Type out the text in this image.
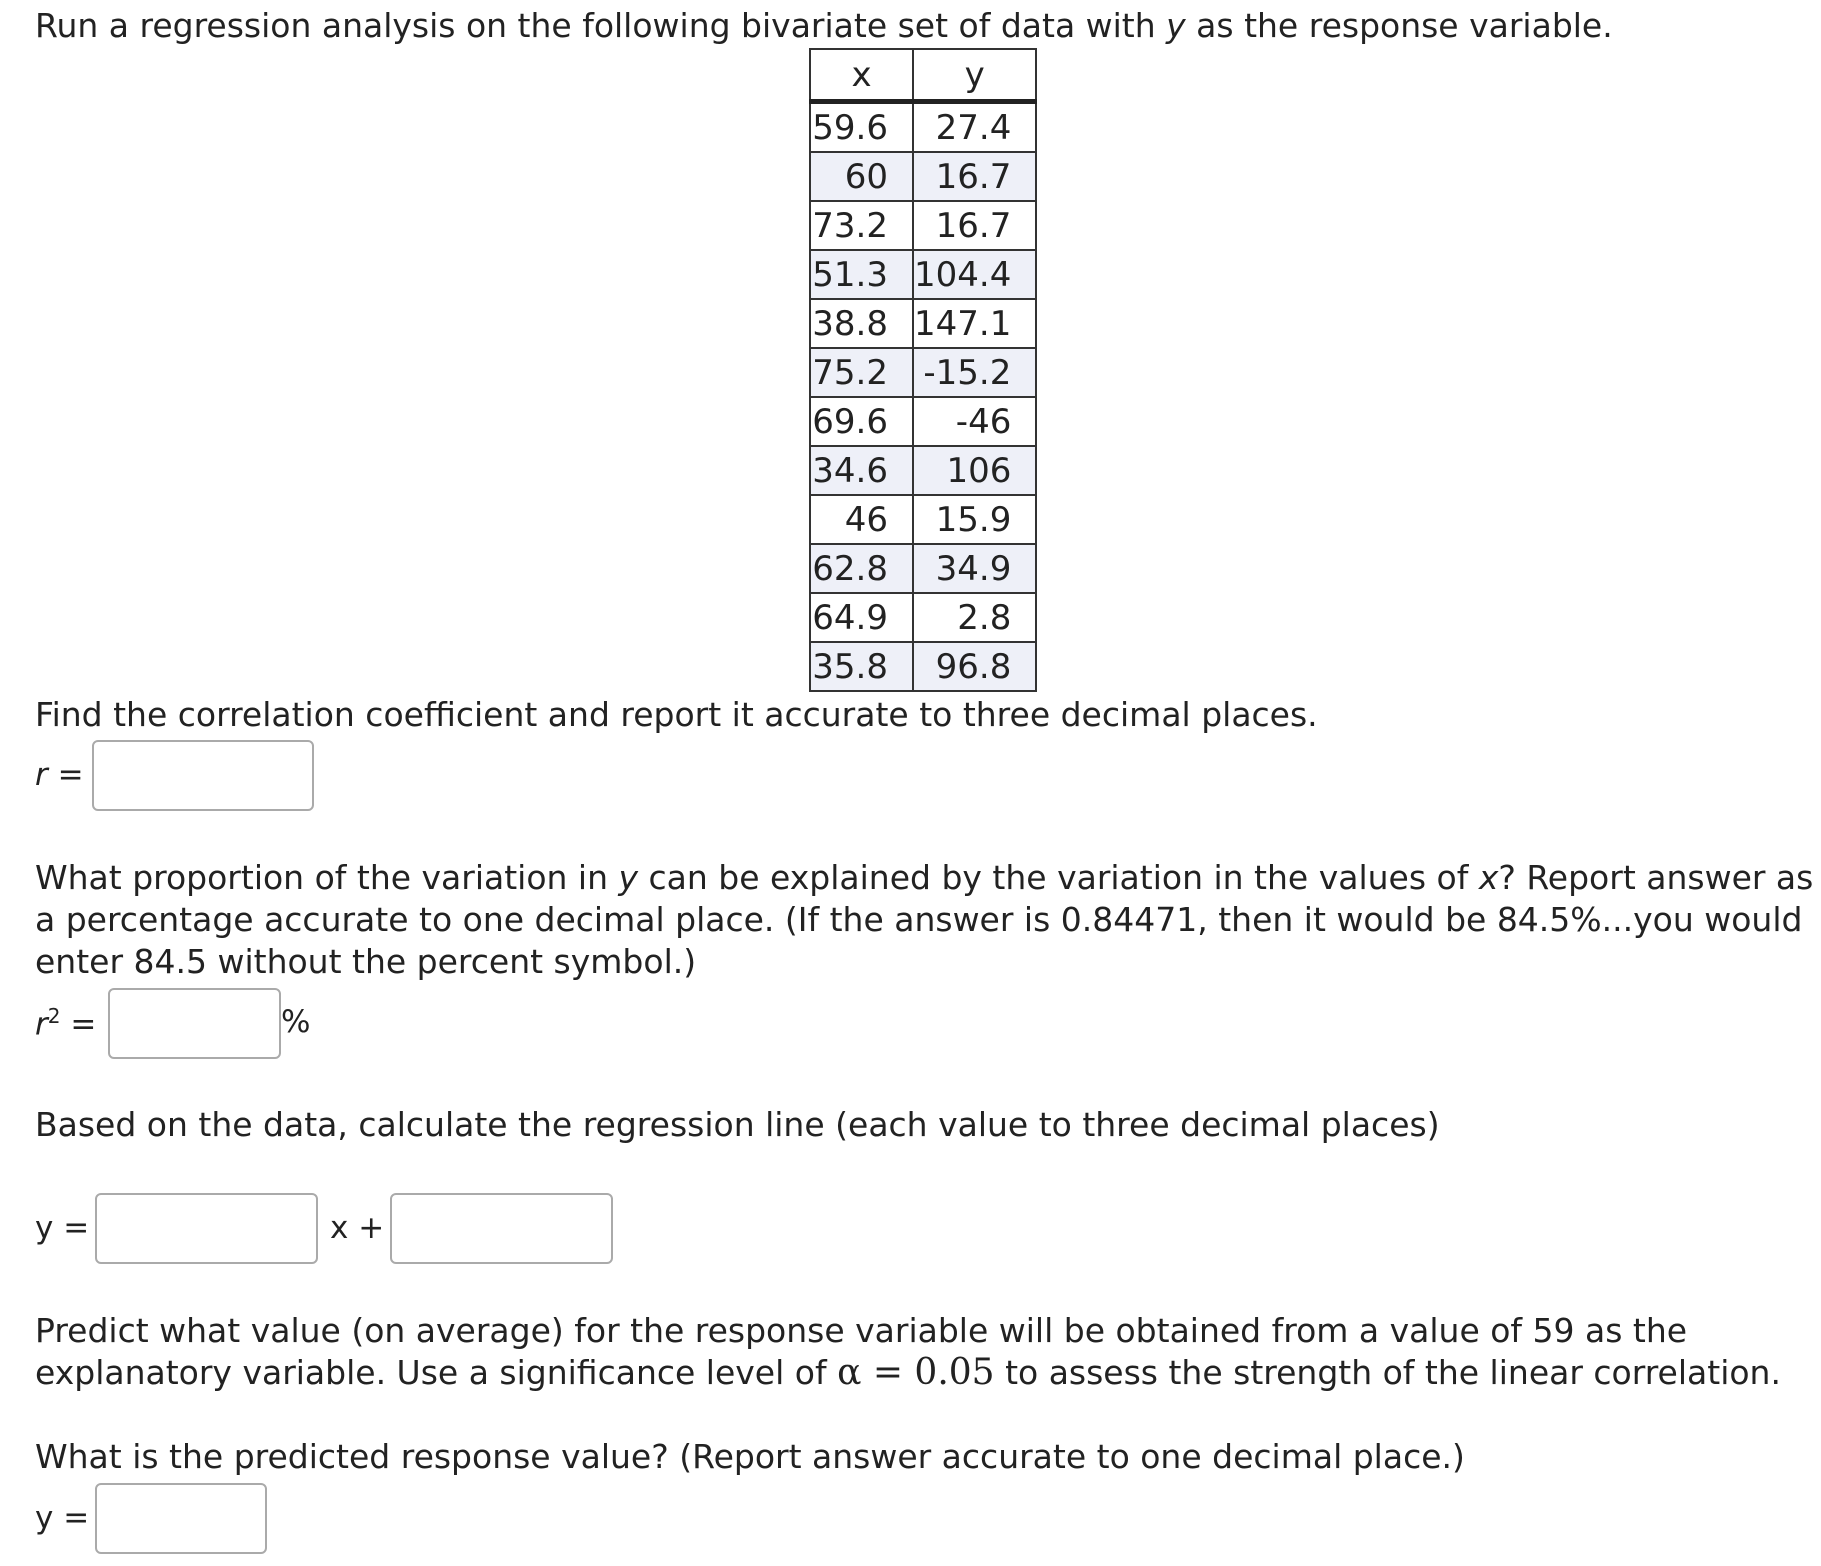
Run a regression analysis on the following bivariate set of data with y as the response variable.
x	y
59.6	27.4
60	16.7
73.2	16.7
51.3	104.4
38.8	147.1
75.2	-15.2
69.6	-46
34.6	106
46	15.9
62.8	34.9
64.9	2.8
35.8	96.8
Find the correlation coefficient and report it accurate to three decimal places.
r =
What proportion of the variation in y can be explained by the variation in the values of x? Report answer as
a percentage accurate to one decimal place. (If the answer is 0.84471, then it would be 84.5%...you would
enter 84.5 without the percent symbol.)
$r^2$ =	%
Based on the data, calculate the regression line (each value to three decimal places)
y =	x +
Predict what value (on average) for the response variable will be obtained from a value of 59 as the
explanatory variable. Use a significance level of α = 0.05 to assess the strength of the linear correlation.
What is the predicted response value? (Report answer accurate to one decimal place.)
y =
